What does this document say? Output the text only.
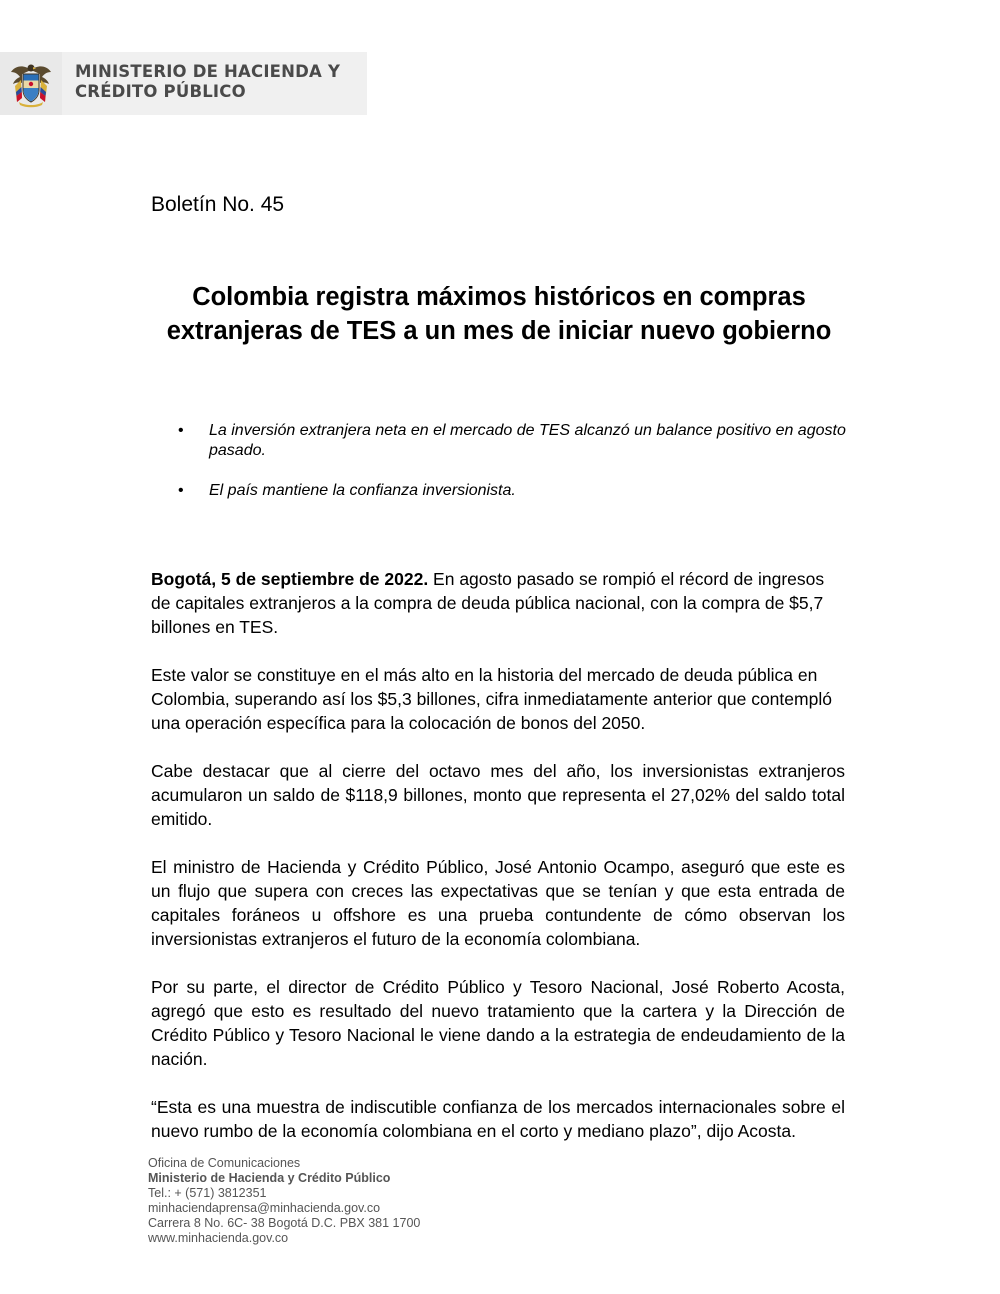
MINISTERIO DE HACIENDA Y
CRÉDITO PÚBLICO
Boletín No. 45
Colombia registra máximos históricos en compras
extranjeras de TES a un mes de iniciar nuevo gobierno
• La inversión extranjera neta en el mercado de TES alcanzó un balance positivo en agosto pasado.
• El país mantiene la confianza inversionista.

Bogotá, 5 de septiembre de 2022. En agosto pasado se rompió el récord de ingresos de capitales extranjeros a la compra de deuda pública nacional, con la compra de $5,7 billones en TES.

Este valor se constituye en el más alto en la historia del mercado de deuda pública en Colombia, superando así los $5,3 billones, cifra inmediatamente anterior que contempló una operación específica para la colocación de bonos del 2050.

Cabe destacar que al cierre del octavo mes del año, los inversionistas extranjeros acumularon un saldo de $118,9 billones, monto que representa el 27,02% del saldo total emitido.

El ministro de Hacienda y Crédito Público, José Antonio Ocampo, aseguró que este es un flujo que supera con creces las expectativas que se tenían y que esta entrada de capitales foráneos u offshore es una prueba contundente de cómo observan los inversionistas extranjeros el futuro de la economía colombiana.

Por su parte, el director de Crédito Público y Tesoro Nacional, José Roberto Acosta, agregó que esto es resultado del nuevo tratamiento que la cartera y la Dirección de Crédito Público y Tesoro Nacional le viene dando a la estrategia de endeudamiento de la nación.

“Esta es una muestra de indiscutible confianza de los mercados internacionales sobre el nuevo rumbo de la economía colombiana en el corto y mediano plazo”, dijo Acosta.

Oficina de Comunicaciones
Ministerio de Hacienda y Crédito Público
Tel.: + (571) 3812351
minhaciendaprensa@minhacienda.gov.co
Carrera 8 No. 6C- 38 Bogotá D.C. PBX 381 1700
www.minhacienda.gov.co
